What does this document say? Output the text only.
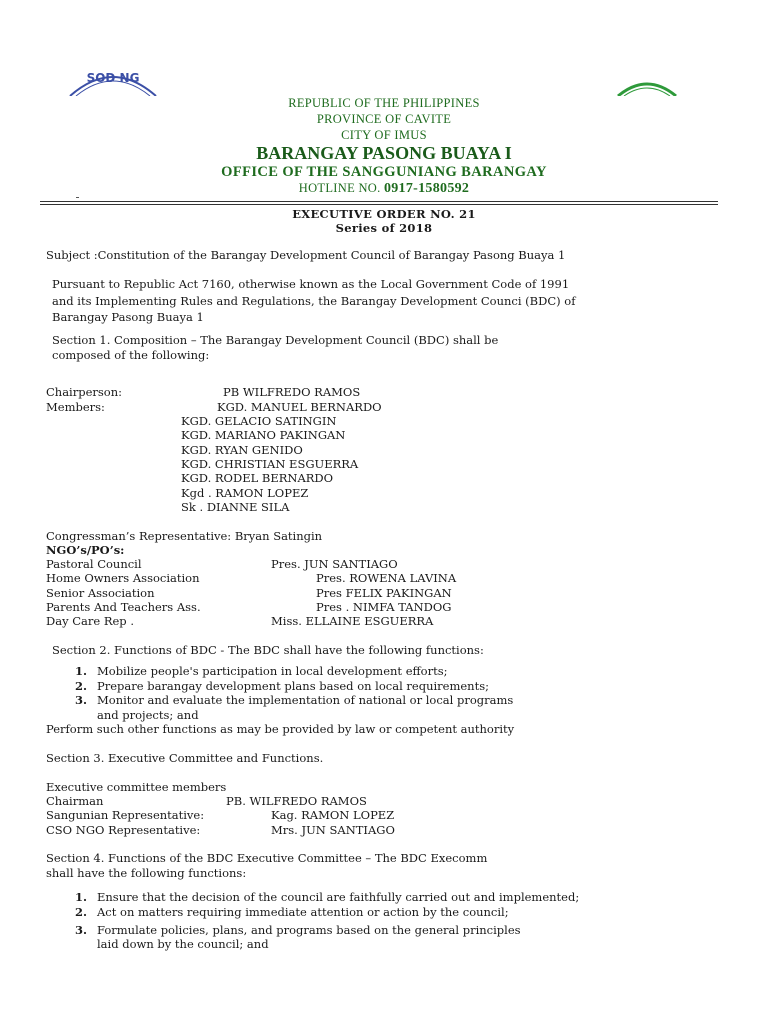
SOD NG
REPUBLIC OF THE PHILIPPINES
PROVINCE OF CAVITE
CITY OF IMUS
BARANGAY PASONG BUAYA I
OFFICE OF THE SANGGUNIANG BARANGAY
HOTLINE NO. 0917-1580592
EXECUTIVE ORDER NO. 21
Series of 2018
Subject :Constitution of the Barangay Development Council of Barangay Pasong Buaya 1
Pursuant to Republic Act 7160, otherwise known as the Local Government Code of 1991
and its Implementing Rules and Regulations, the Barangay Development Counci (BDC) of
Barangay Pasong Buaya 1
Section 1. Composition – The Barangay Development Council (BDC) shall be
composed of the following:
Chairperson:	PB WILFREDO RAMOS
Members:	KGD. MANUEL BERNARDO
KGD. GELACIO SATINGIN
KGD. MARIANO PAKINGAN
KGD. RYAN GENIDO
KGD. CHRISTIAN ESGUERRA
KGD. RODEL BERNARDO
Kgd . RAMON LOPEZ
Sk . DIANNE SILA
Congressman’s Representative: Bryan Satingin
NGO’s/PO’s:
Pastoral Council	Pres. JUN SANTIAGO
Home Owners Association	Pres. ROWENA LAVINA
Senior Association	Pres FELIX PAKINGAN
Parents And Teachers Ass.	Pres . NIMFA TANDOG
Day Care Rep .	Miss. ELLAINE ESGUERRA
Section 2. Functions of BDC - The BDC shall have the following functions:
1. Mobilize people's participation in local development efforts;
2. Prepare barangay development plans based on local requirements;
3. Monitor and evaluate the implementation of national or local programs
and projects; and
Perform such other functions as may be provided by law or competent authority
Section 3. Executive Committee and Functions.
Executive committee members
Chairman	PB. WILFREDO RAMOS
Sangunian Representative:	Kag. RAMON LOPEZ
CSO NGO Representative:	Mrs. JUN SANTIAGO
Section 4. Functions of the BDC Executive Committee – The BDC Execomm
shall have the following functions:
1. Ensure that the decision of the council are faithfully carried out and implemented;
2. Act on matters requiring immediate attention or action by the council;
3. Formulate policies, plans, and programs based on the general principles
laid down by the council; and
